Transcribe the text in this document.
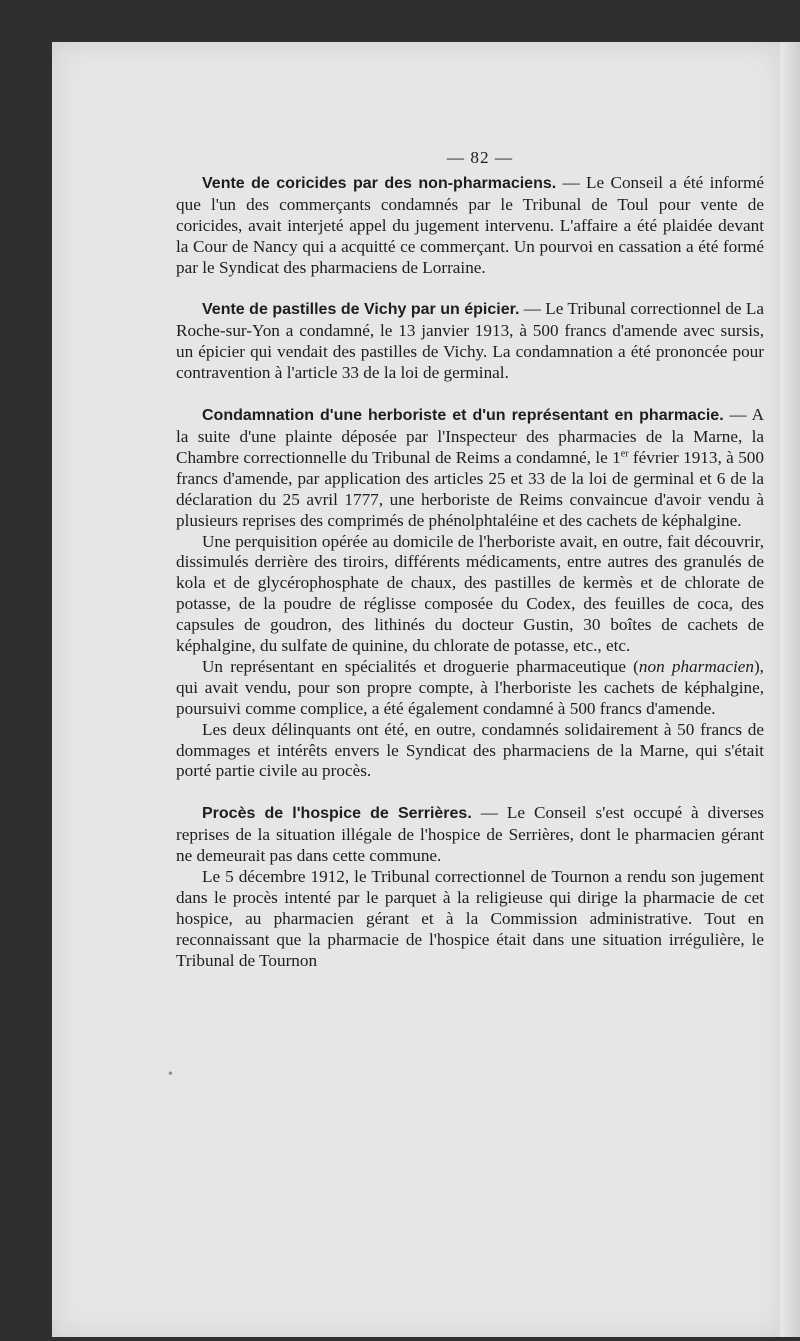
— 82 —

Vente de coricides par des non-pharmaciens. — Le Conseil a été informé que l'un des commerçants condamnés par le Tribunal de Toul pour vente de coricides, avait interjeté appel du jugement intervenu. L'affaire a été plaidée devant la Cour de Nancy qui a acquitté ce commerçant. Un pourvoi en cassation a été formé par le Syndicat des pharmaciens de Lorraine.

Vente de pastilles de Vichy par un épicier. — Le Tribunal correctionnel de La Roche-sur-Yon a condamné, le 13 janvier 1913, à 500 francs d'amende avec sursis, un épicier qui vendait des pastilles de Vichy. La condamnation a été prononcée pour contravention à l'article 33 de la loi de germinal.

Condamnation d'une herboriste et d'un représentant en pharmacie. — A la suite d'une plainte déposée par l'Inspecteur des pharmacies de la Marne, la Chambre correctionnelle du Tribunal de Reims a condamné, le 1er février 1913, à 500 francs d'amende, par application des articles 25 et 33 de la loi de germinal et 6 de la déclaration du 25 avril 1777, une herboriste de Reims convaincue d'avoir vendu à plusieurs reprises des comprimés de phénolphtaléine et des cachets de képhalgine.

Une perquisition opérée au domicile de l'herboriste avait, en outre, fait découvrir, dissimulés derrière des tiroirs, différents médicaments, entre autres des granulés de kola et de glycérophosphate de chaux, des pastilles de kermès et de chlorate de potasse, de la poudre de réglisse composée du Codex, des feuilles de coca, des capsules de goudron, des lithinés du docteur Gustin, 30 boîtes de cachets de képhalgine, du sulfate de quinine, du chlorate de potasse, etc., etc.

Un représentant en spécialités et droguerie pharmaceutique (non pharmacien), qui avait vendu, pour son propre compte, à l'herboriste les cachets de képhalgine, poursuivi comme complice, a été également condamné à 500 francs d'amende.

Les deux délinquants ont été, en outre, condamnés solidairement à 50 francs de dommages et intérêts envers le Syndicat des pharmaciens de la Marne, qui s'était porté partie civile au procès.

Procès de l'hospice de Serrières. — Le Conseil s'est occupé à diverses reprises de la situation illégale de l'hospice de Serrières, dont le pharmacien gérant ne demeurait pas dans cette commune.

Le 5 décembre 1912, le Tribunal correctionnel de Tournon a rendu son jugement dans le procès intenté par le parquet à la religieuse qui dirige la pharmacie de cet hospice, au pharmacien gérant et à la Commission administrative. Tout en reconnaissant que la pharmacie de l'hospice était dans une situation irrégulière, le Tribunal de Tournon

•
